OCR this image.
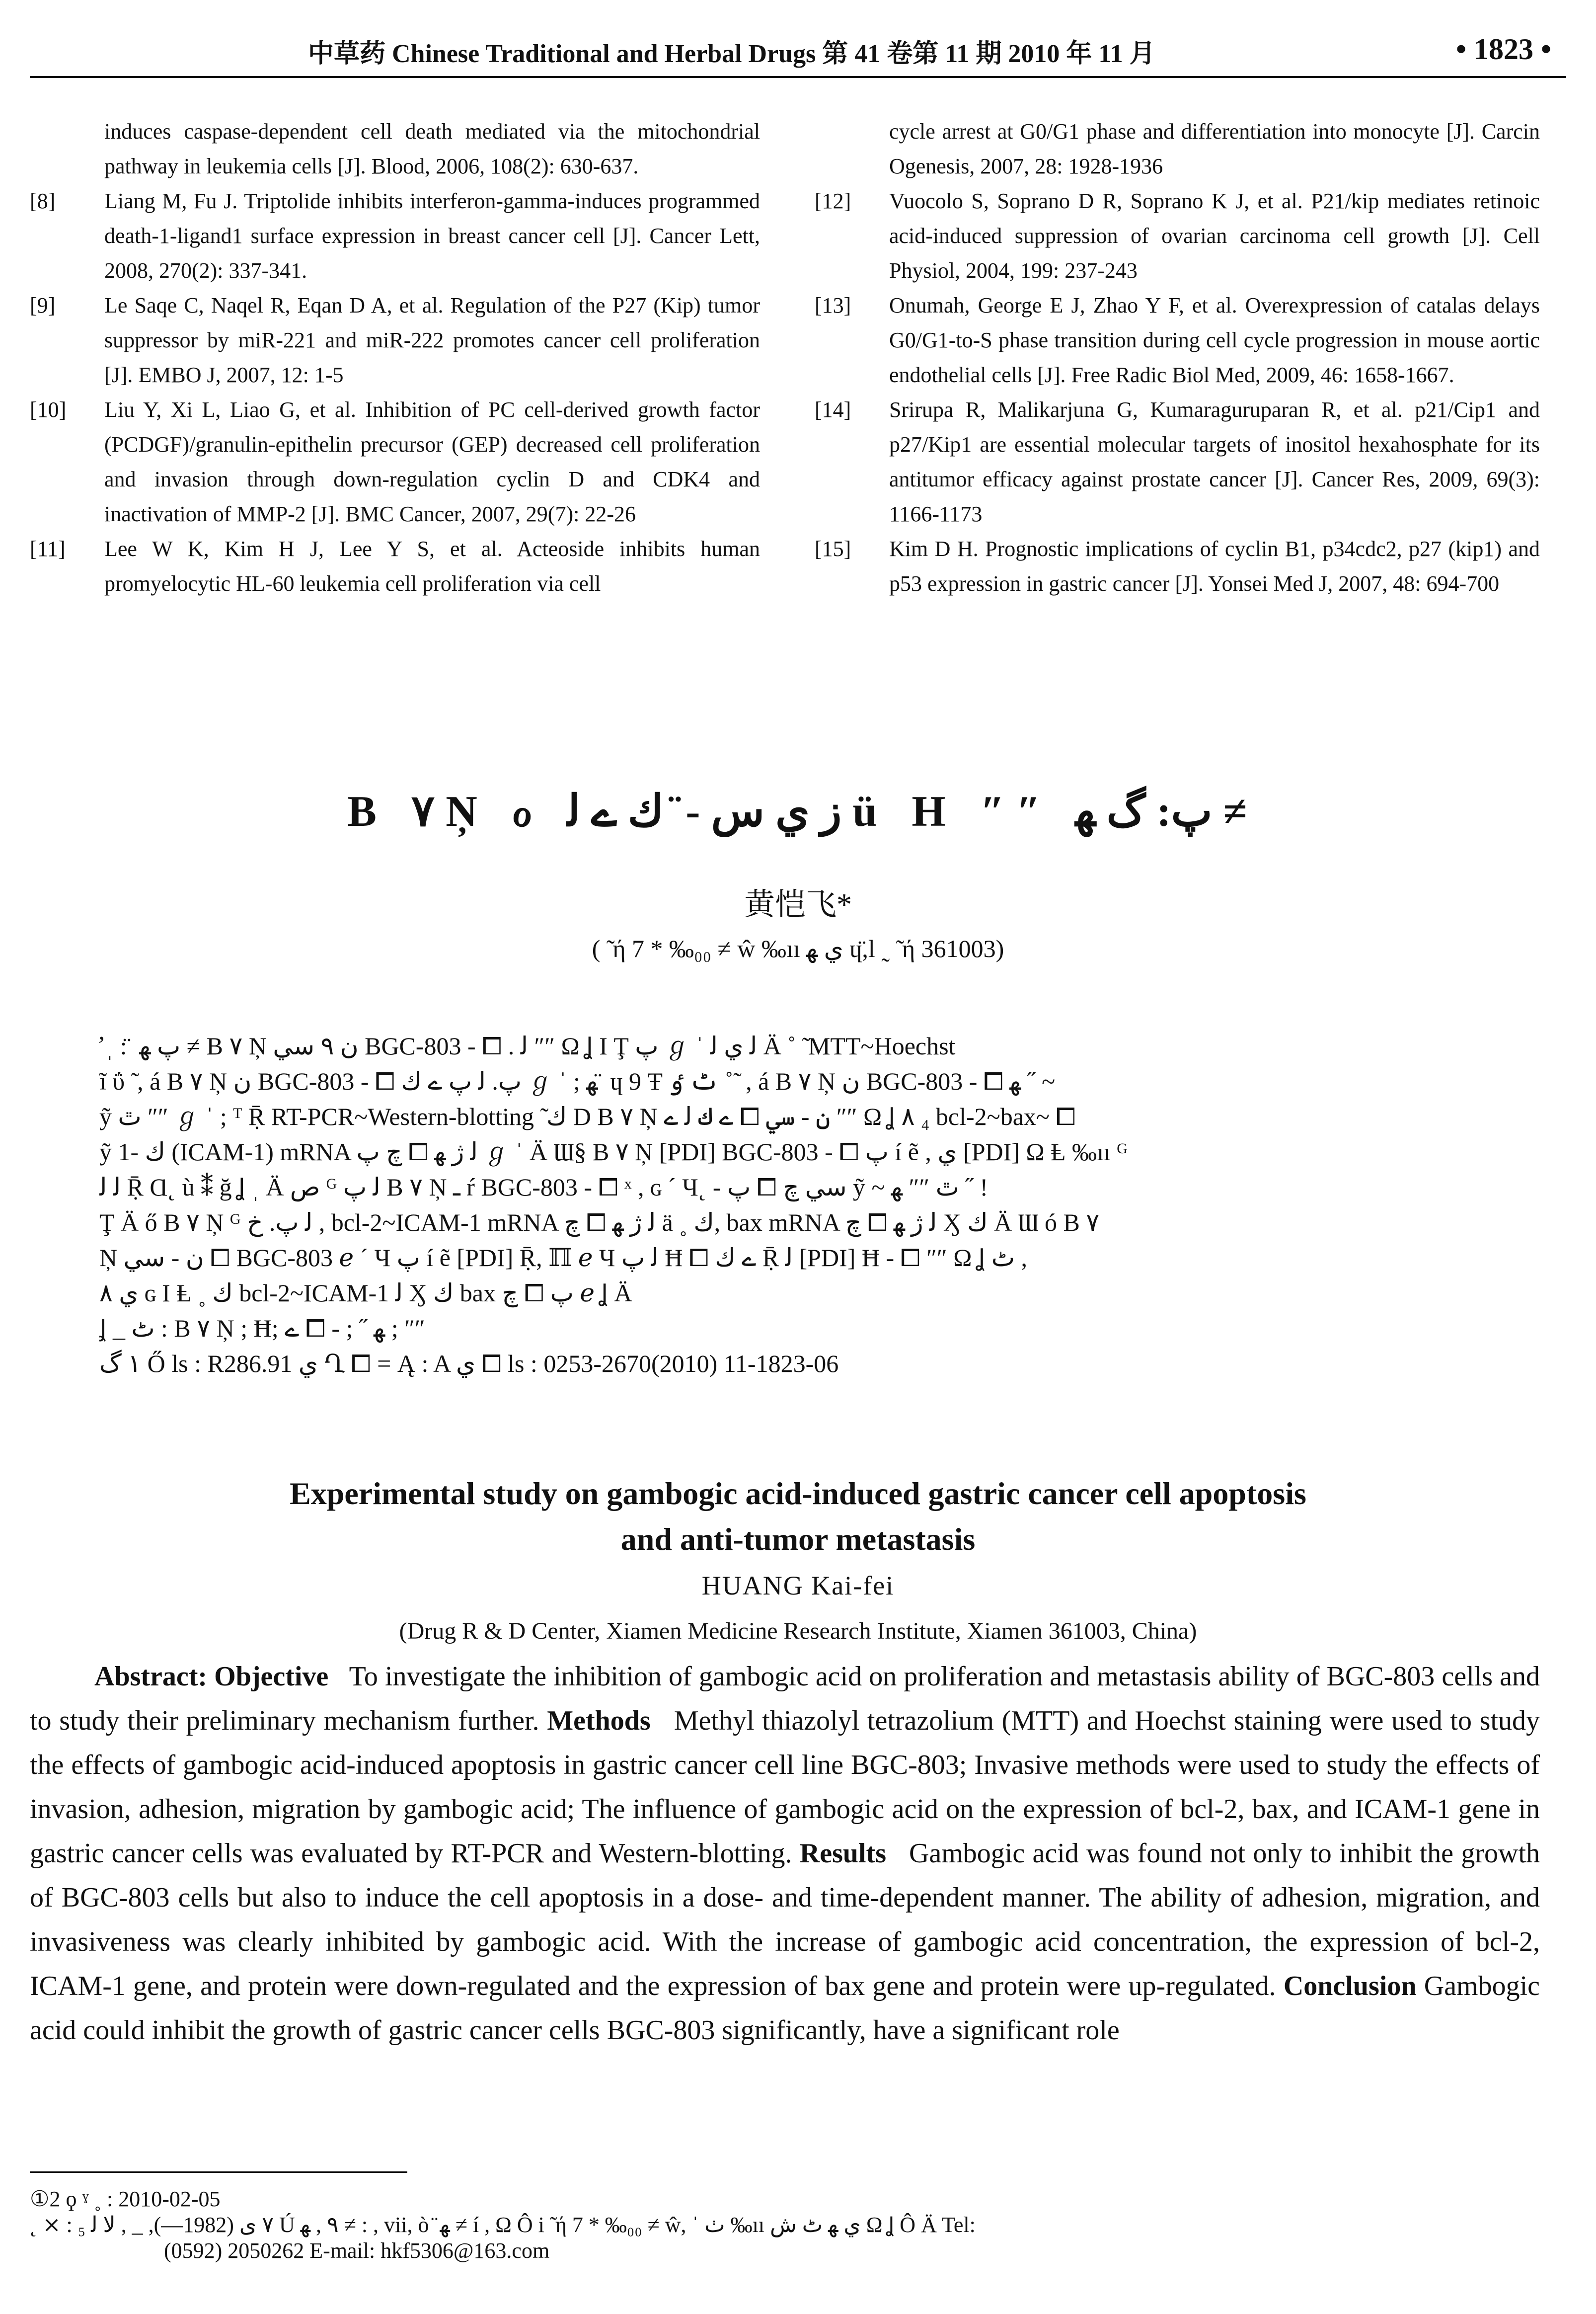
中草药 Chinese Traditional and Herbal Drugs 第 41 卷第 11 期 2010 年 11 月	• 1823 •
induces caspase-dependent cell death mediated via the mitochondrial pathway in leukemia cells [J]. Blood, 2006, 108(2): 630-637.
[8]	Liang M, Fu J. Triptolide inhibits interferon-gamma-induces programmed death-1-ligand1 surface expression in breast cancer cell [J]. Cancer Lett, 2008, 270(2): 337-341.
[9]	Le Saqe C, Naqel R, Eqan D A, et al. Regulation of the P27 (Kip) tumor suppressor by miR-221 and miR-222 promotes cancer cell proliferation [J]. EMBO J, 2007, 12: 1-5
[10]	Liu Y, Xi L, Liao G, et al. Inhibition of PC cell-derived growth factor (PCDGF)/granulin-epithelin precursor (GEP) decreased cell proliferation and invasion through down-regulation cyclin D and CDK4 and inactivation of MMP-2 [J]. BMC Cancer, 2007, 29(7): 22-26
[11]	Lee W K, Kim H J, Lee Y S, et al. Acteoside inhibits human promyelocytic HL-60 leukemia cell proliferation via cell
cycle arrest at G0/G1 phase and differentiation into monocyte [J]. Carcin Ogenesis, 2007, 28: 1928-1936
[12]	Vuocolo S, Soprano D R, Soprano K J, et al. P21/kip mediates retinoic acid-induced suppression of ovarian carcinoma cell growth [J]. Cell Physiol, 2004, 199: 237-243
[13]	Onumah, George E J, Zhao Y F, et al. Overexpression of catalas delays G0/G1-to-S phase transition during cell cycle progression in mouse aortic endothelial cells [J]. Free Radic Biol Med, 2009, 46: 1658-1667.
[14]	Srirupa R, Malikarjuna G, Kumaraguruparan R, et al. p21/Cip1 and p27/Kip1 are essential molecular targets of inositol hexahosphate for its antitumor efficacy against prostate cancer [J]. Cancer Res, 2009, 69(3): 1166-1173
[15]	Kim D H. Prognostic implications of cyclin B1, p34cdc2, p27 (kip1) and p53 expression in gastric cancer [J]. Yonsei Med J, 2007, 48: 694-700
B ٧ Ņ ℴ ز ي س - ̈ ك ے ﻟ ü H ″″ پ: گ ﻬ ≠
黄恺飞*
( ̃ ή 7 * ‰₀₀ ≠ ŵ ‰ıı ي ﻬ ɥ̈,l ˷ ̃ ή 361003)
̛ ˌ : ̈ پ ﻬ ≠ B ٧ Ņ ن ٩ سي BGC-803 - ⧠ . ﻟ ″″ Ω Ʝ Ι Ţ پ ℊ ˈ ﻟ ي ﻟ Ä ˚ ̃ MTT~Hoechst
ĩ ΰ ̃ , á B ٧ Ņ ن BGC-803 - ⧠ پ. ﻟ پ ے ك ℊ ˈ ; ﻬ ̈ ɥ 9 Ŧ ٹ ٶ ˚ ̃ , á B ٧ Ņ ن BGC-803 - ⧠ ﻬ ˝ ~
ỹ ٿ ″″ ℊ ˈ ; ᵀ Ṝ RT-PCR~Western-blotting ̃ ك D B ٧ Ņ ن - سي ⧠ ے ك ﻟ ے ″″ Ω Ʝ ٨ ₄ bcl-2~bax~ ⧠
ỹ ك -1 (ICAM-1) mRNA ﻟ ژ ﻬ ⧠ چ پ ℊ ˈ Ä Ɯ§ B ٧ Ņ [PDI] BGC-803 - ⧠ پ í ẽ , ي [PDI] Ω Ⱡ ‰ıı ᴳ
ﻟ ﻟ Ṝ Ɑ˛ ù ⁑ ğ Ʝ ˌ Ä ص ᴳ ﻟ پ B ٧ Ņ ـ ŕ BGC-803 - ⧠ ˣ , ɢ ˊ Ч˛ - سي چ ⧠ پ ỹ ~ ٿ ″″ ﻬ ˝ !
Ţ Ä ő B ٧ Ņ ᴳ ﻟ پ. خ , bcl-2~ICAM-1 mRNA ﻟ ژ ﻬ ⧠ چ ä ˳ ك, bax mRNA ﻟ ژ ﻬ ⧠ چ Ӽ ك Ä Ɯ ó B ٧
Ņ ن - سي ⧠ BGC-803 ℯ ˊ Ч پ í ẽ [PDI] Ṝ, ℿ ℯ Ч ﻟ پ Ħ ⧠ ے ك Ṝ ﻟ [PDI] Ħ - ⧠ ″″ Ω Ʝ ٹ ,
ي ٨ ɢ Ι Ⱡ ˳ ك bcl-2~ICAM-1 ﻟ Ӽ ك bax پ ⧠ چ ℯ Ʝ Ä
Ʝ _ ٹ : B ٧ Ņ ; Ħ; ﻬ ˝ ; - ⧠ ے ; ″″
١ گ Ő ls : R286.91 ي Ղ ⧠ = Ą : A ي ⧠ ls : 0253-2670(2010) 11-1823-06
Experimental study on gambogic acid-induced gastric cancer cell apoptosis
and anti-tumor metastasis
HUANG Kai-fei
(Drug R & D Center, Xiamen Medicine Research Institute, Xiamen 361003, China)
Abstract: Objective To investigate the inhibition of gambogic acid on proliferation and metastasis ability of BGC-803 cells and to study their preliminary mechanism further. Methods Methyl thiazolyl tetrazolium (MTT) and Hoechst staining were used to study the effects of gambogic acid-induced apoptosis in gastric cancer cell line BGC-803; Invasive methods were used to study the effects of invasion, adhesion, migration by gambogic acid; The influence of gambogic acid on the expression of bcl-2, bax, and ICAM-1 gene in gastric cancer cells was evaluated by RT-PCR and Western-blotting. Results Gambogic acid was found not only to inhibit the growth of BGC-803 cells but also to induce the cell apoptosis in a dose- and time-dependent manner. The ability of adhesion, migration, and invasiveness was clearly inhibited by gambogic acid. With the increase of gambogic acid concentration, the expression of bcl-2, ICAM-1 gene, and protein were down-regulated and the expression of bax gene and protein were up-regulated. Conclusion Gambogic acid could inhibit the growth of gastric cancer cells BGC-803 significantly, have a significant role
①2 ϙ ˠ ˳ : 2010-02-05
˛ ⨯ : ٧ ﯼ (1982—), _ , ﻻ ﻟ ₅ Ú ٩ , ﻬ ≠ : , vii, ò ̈ ﻬ ≠ í , Ω Ô i ̃ ή 7 * ‰₀₀ ≠ ŵ, ˈ ٺ ‰ıı ي ﻬ ٹ ش Ω Ʝ Ô Ä Tel:
(0592) 2050262 E-mail: hkf5306@163.com
